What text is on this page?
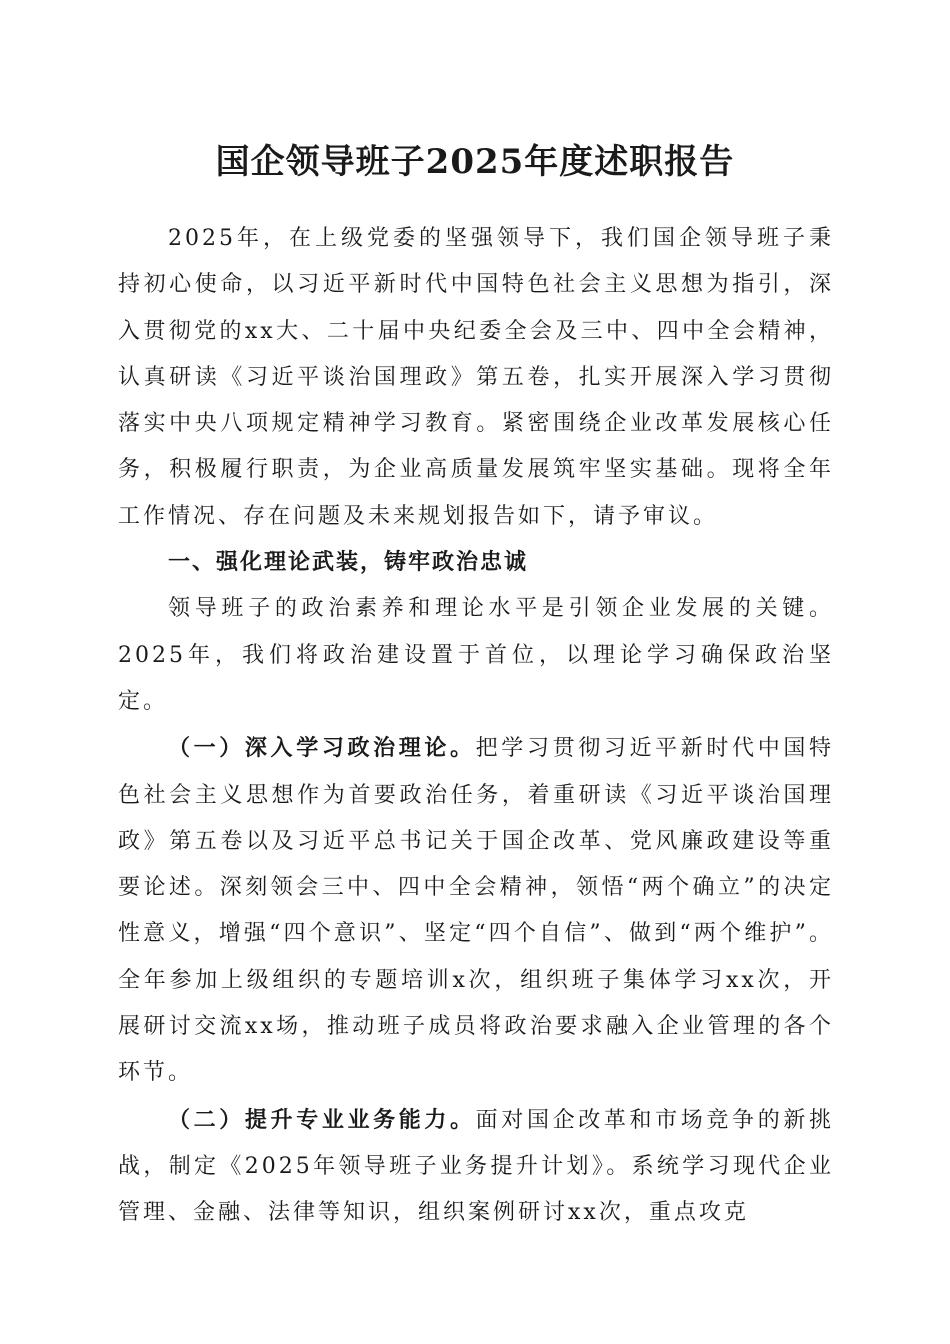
国企领导班子2025年度述职报告

2025年，在上级党委的坚强领导下，我们国企领导班子秉持初心使命，以习近平新时代中国特色社会主义思想为指引，深入贯彻党的xx大、二十届中央纪委全会及三中、四中全会精神，认真研读《习近平谈治国理政》第五卷，扎实开展深入学习贯彻落实中央八项规定精神学习教育。紧密围绕企业改革发展核心任务，积极履行职责，为企业高质量发展筑牢坚实基础。现将全年工作情况、存在问题及未来规划报告如下，请予审议。

一、强化理论武装，铸牢政治忠诚

领导班子的政治素养和理论水平是引领企业发展的关键。2025年，我们将政治建设置于首位，以理论学习确保政治坚定。

（一）深入学习政治理论。把学习贯彻习近平新时代中国特色社会主义思想作为首要政治任务，着重研读《习近平谈治国理政》第五卷以及习近平总书记关于国企改革、党风廉政建设等重要论述。深刻领会三中、四中全会精神，领悟“两个确立”的决定性意义，增强“四个意识”、坚定“四个自信”、做到“两个维护”。全年参加上级组织的专题培训x次，组织班子集体学习xx次，开展研讨交流xx场，推动班子成员将政治要求融入企业管理的各个环节。

（二）提升专业业务能力。面对国企改革和市场竞争的新挑战，制定《2025年领导班子业务提升计划》。系统学习现代企业管理、金融、法律等知识，组织案例研讨xx次，重点攻克
